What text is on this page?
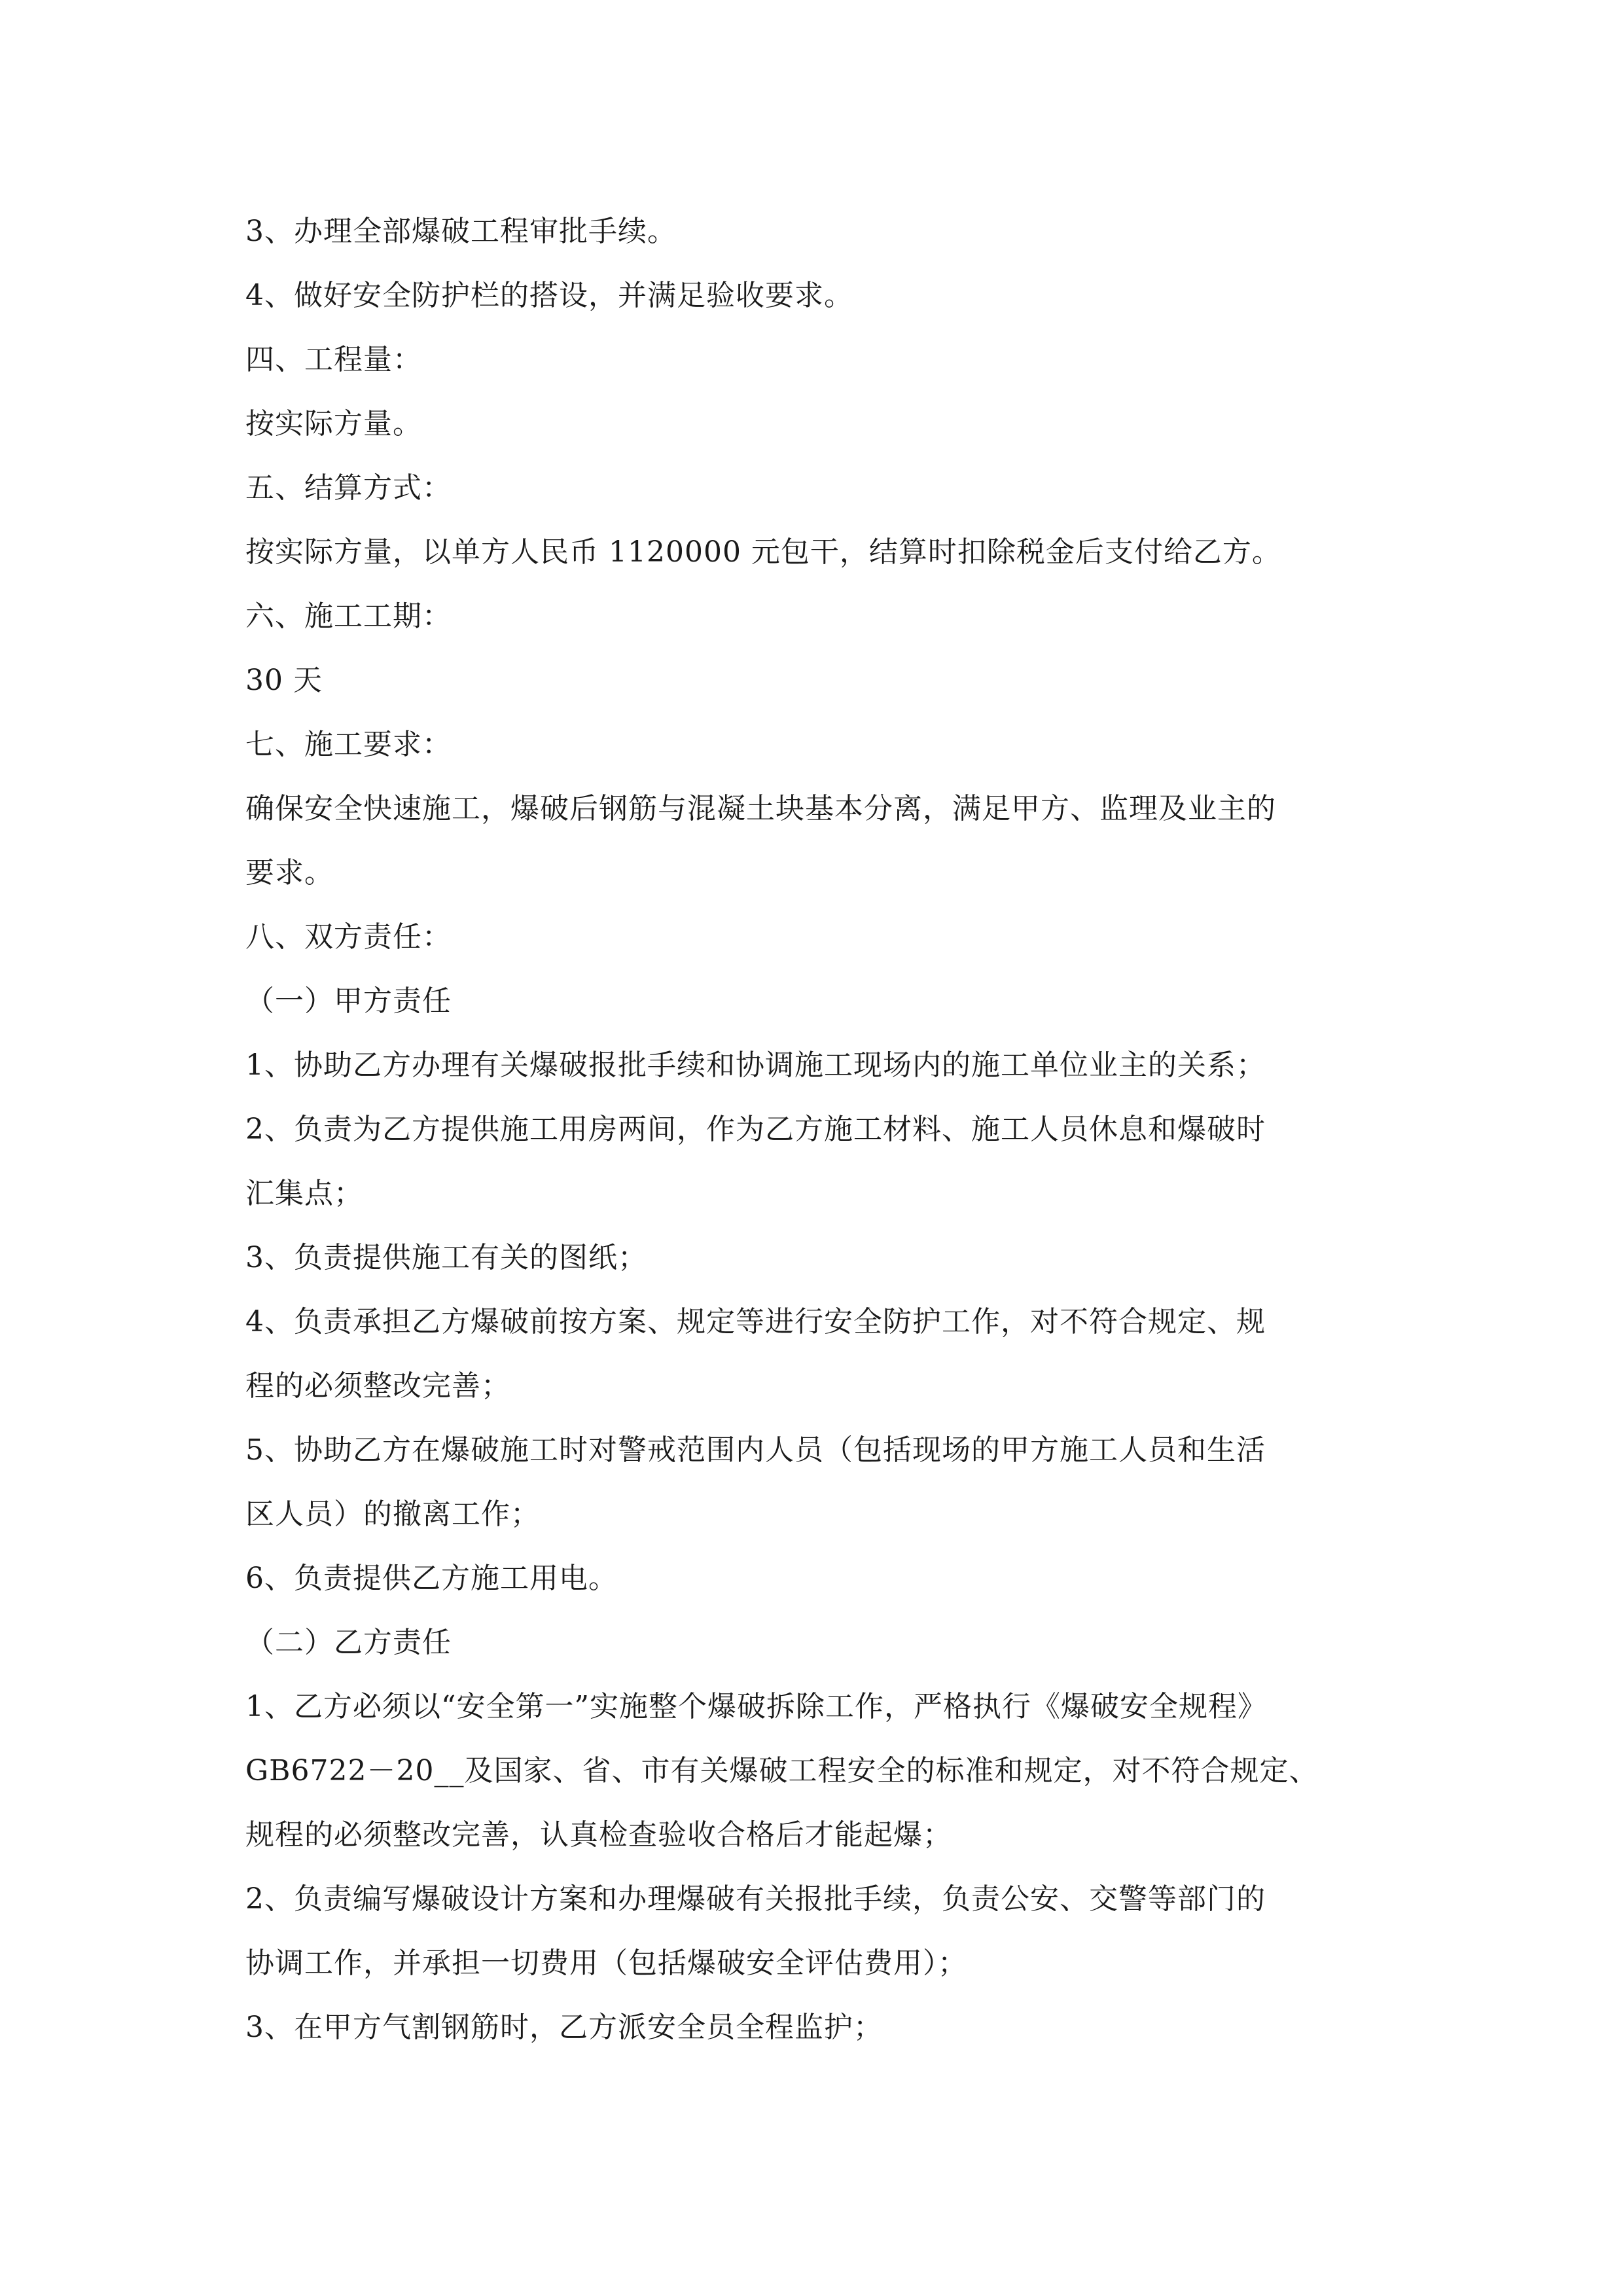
3、办理全部爆破工程审批手续。
4、做好安全防护栏的搭设，并满足验收要求。
四、工程量：
按实际方量。
五、结算方式：
按实际方量，以单方人民币 1120000 元包干，结算时扣除税金后支付给乙方。
六、施工工期：
30 天
七、施工要求：
确保安全快速施工，爆破后钢筋与混凝土块基本分离，满足甲方、监理及业主的
要求。
八、双方责任：
（一）甲方责任
1、协助乙方办理有关爆破报批手续和协调施工现场内的施工单位业主的关系；
2、负责为乙方提供施工用房两间，作为乙方施工材料、施工人员休息和爆破时
汇集点；
3、负责提供施工有关的图纸；
4、负责承担乙方爆破前按方案、规定等进行安全防护工作，对不符合规定、规
程的必须整改完善；
5、协助乙方在爆破施工时对警戒范围内人员（包括现场的甲方施工人员和生活
区人员）的撤离工作；
6、负责提供乙方施工用电。
（二）乙方责任
1、乙方必须以“安全第一”实施整个爆破拆除工作，严格执行《爆破安全规程》
GB6722－20__及国家、省、市有关爆破工程安全的标准和规定，对不符合规定、
规程的必须整改完善，认真检查验收合格后才能起爆；
2、负责编写爆破设计方案和办理爆破有关报批手续，负责公安、交警等部门的
协调工作，并承担一切费用（包括爆破安全评估费用）；
3、在甲方气割钢筋时，乙方派安全员全程监护；
